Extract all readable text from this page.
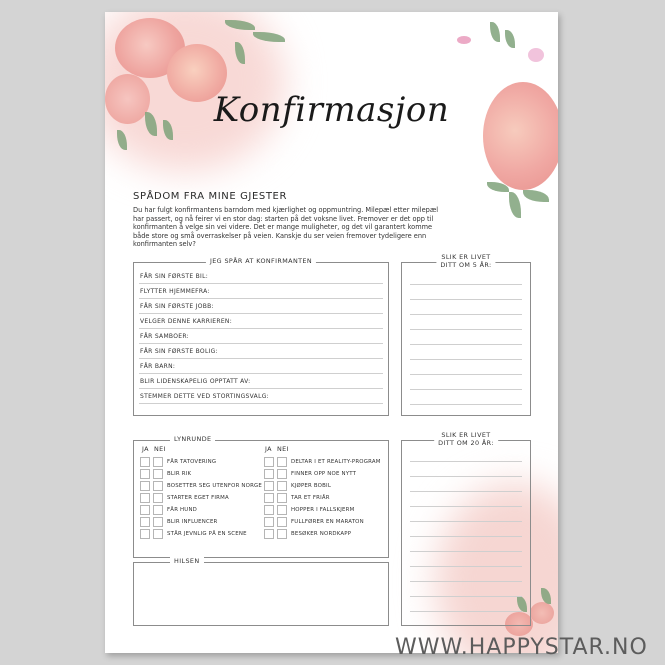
Konfirmasjon
SPÅDOM FRA MINE GJESTER
Du har fulgt konfirmantens barndom med kjærlighet og oppmuntring. Milepæl etter milepæl har passert, og nå feirer vi en stor dag: starten på det voksne livet. Fremover er det opp til konfirmanten å velge sin vei videre. Det er mange muligheter, og det vil garantert komme både store og små overraskelser på veien. Kanskje du ser veien fremover tydeligere enn konfirmanten selv?
JEG SPÅR AT KONFIRMANTEN
FÅR SIN FØRSTE BIL:
FLYTTER HJEMMEFRA:
FÅR SIN FØRSTE JOBB:
VELGER DENNE KARRIEREN:
FÅR SAMBOER:
FÅR SIN FØRSTE BOLIG:
FÅR BARN:
BLIR LIDENSKAPELIG OPPTATT AV:
STEMMER DETTE VED STORTINGSVALG:
SLIK ER LIVET
DITT OM 5 ÅR:
LYNRUNDE
JA NEI	JA NEI
FÅR TATOVERING
BLIR RIK
BOSETTER SEG UTENFOR NORGE
STARTER EGET FIRMA
FÅR HUND
BLIR INFLUENCER
STÅR JEVNLIG PÅ EN SCENE
DELTAR I ET REALITY-PROGRAM
FINNER OPP NOE NYTT
KJØPER BOBIL
TAR ET FRIÅR
HOPPER I FALLSKJERM
FULLFØRER EN MARATON
BESØKER NORDKAPP
SLIK ER LIVET
DITT OM 20 ÅR:
HILSEN
WWW.HAPPYSTAR.NO
